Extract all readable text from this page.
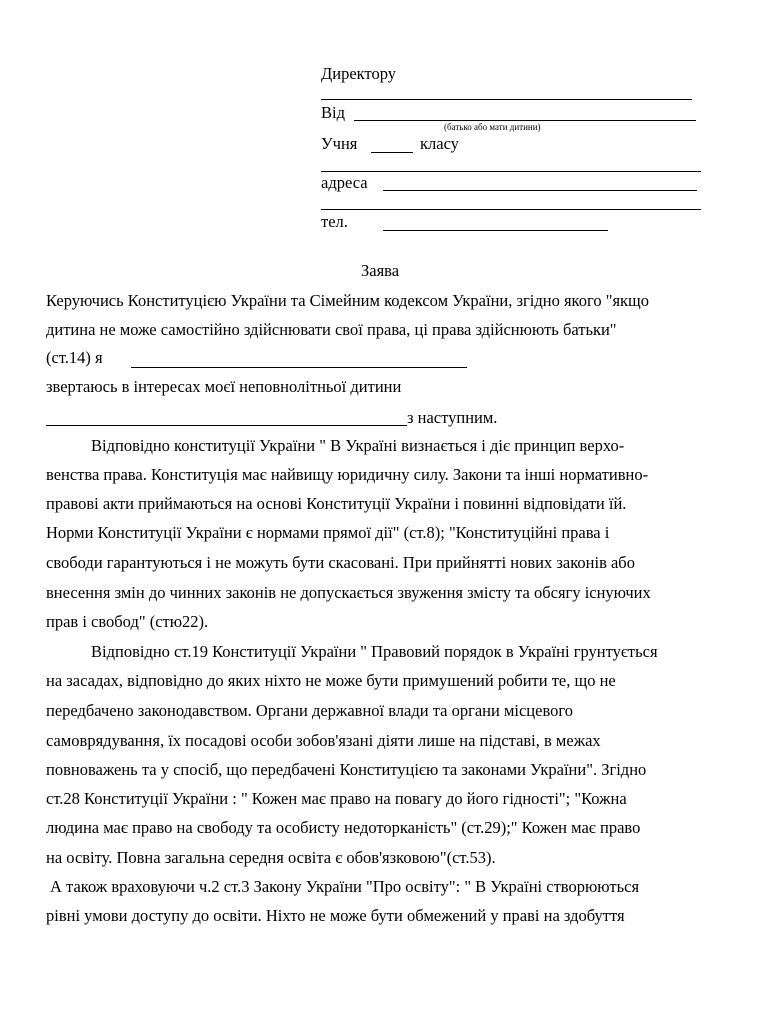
Директору
Від
(батько або мати дитини)
Учня	класу
адреса
тел.
Заява
Керуючись Конституцією України та Сімейним кодексом України, згідно якого "якщо
дитина не може самостійно здійснювати свої права, ці права здійснюють батьки"
(ст.14) я
звертаюсь в інтересах моєї неповнолітньої дитини
з наступним.
Відповідно конституції України " В Україні визнається і діє принцип верхо-
венства права. Конституція має найвищу юридичну силу. Закони та інші нормативно-
правові акти приймаються на основі Конституції України і повинні відповідати їй.
Норми Конституції України є нормами прямої дії" (ст.8); "Конституційні права і
свободи гарантуються і не можуть бути скасовані. При прийнятті нових законів або
внесення змін до чинних законів не допускається звуження змісту та обсягу існуючих
прав і свобод" (стю22).
Відповідно ст.19 Конституції України " Правовий порядок в Україні грунтується
на засадах, відповідно до яких ніхто не може бути примушений робити те, що не
передбачено законодавством. Органи державної влади та органи місцевого
самоврядування, їх посадові особи зобов'язані діяти лише на підставі, в межах
повноважень та у спосіб, що передбачені Конституцією та законами України". Згідно
ст.28 Конституції України : " Кожен має право на повагу до його гідності"; "Кожна
людина має право на свободу та особисту недоторканість" (ст.29);" Кожен має право
на освіту. Повна загальна середня освіта є обов'язковою"(ст.53).
А також враховуючи ч.2 ст.3 Закону України "Про освіту": " В Україні створюються
рівні умови доступу до освіти. Ніхто не може бути обмежений у праві на здобуття
